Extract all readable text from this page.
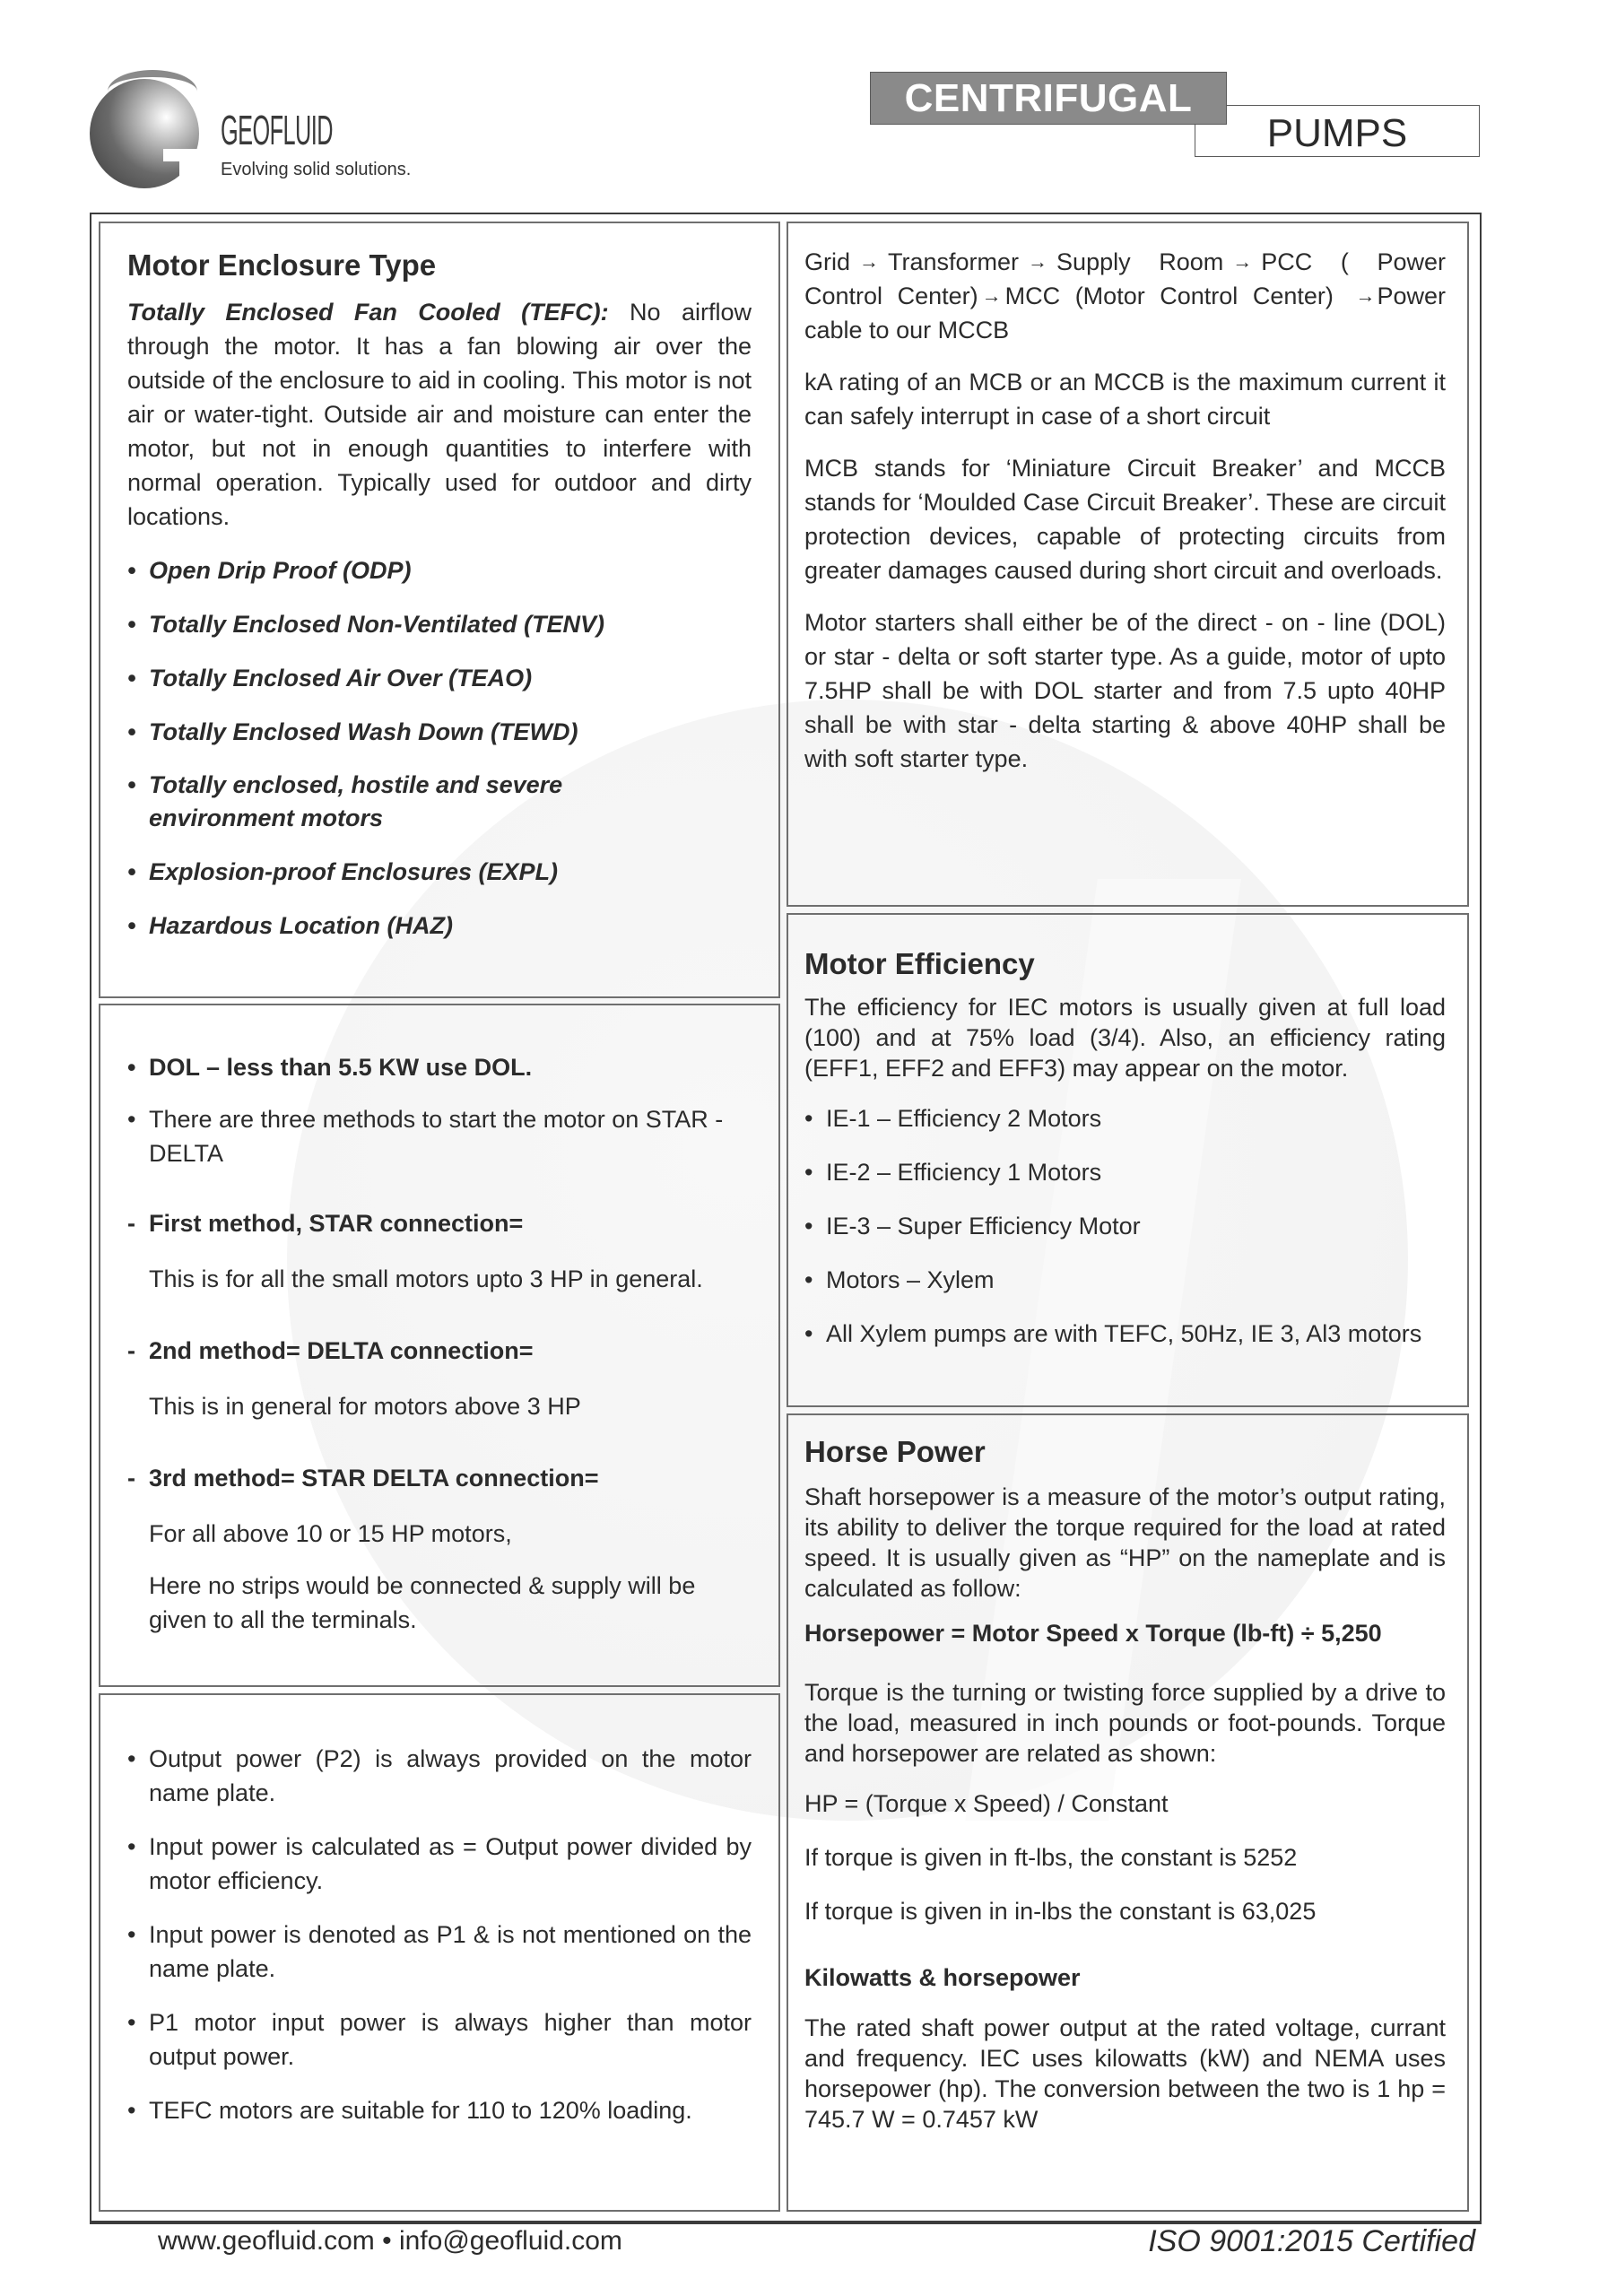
GEOFLUID
Evolving solid solutions.
CENTRIFUGAL
PUMPS
Motor Enclosure Type

Totally Enclosed Fan Cooled (TEFC): No airflow through the motor. It has a fan blowing air over the outside of the enclosure to aid in cooling. This motor is not air or water-tight. Outside air and moisture can enter the motor, but not in enough quantities to interfere with normal operation. Typically used for outdoor and dirty locations.

• Open Drip Proof (ODP)
• Totally Enclosed Non-Ventilated (TENV)
• Totally Enclosed Air Over (TEAO)
• Totally Enclosed Wash Down (TEWD)
• Totally enclosed, hostile and severe environment motors
• Explosion-proof Enclosures (EXPL)
• Hazardous Location (HAZ)
• DOL – less than 5.5 KW use DOL.
• There are three methods to start the motor on STAR - DELTA
- First method, STAR connection=
This is for all the small motors upto 3 HP in general.
- 2nd method= DELTA connection=
This is in general for motors above 3 HP
- 3rd method= STAR DELTA connection=
For all above 10 or 15 HP motors,
Here no strips would be connected & supply will be given to all the terminals.
• Output power (P2) is always provided on the motor name plate.
• Input power is calculated as = Output power divided by motor efficiency.
• Input power is denoted as P1 & is not mentioned on the name plate.
• P1 motor input power is always higher than motor output power.
• TEFC motors are suitable for 110 to 120% loading.

Grid → Transformer → Supply Room → PCC ( Power Control Center) → MCC (Motor Control Center) →Power cable to our MCCB

kA rating of an MCB or an MCCB is the maximum current it can safely interrupt in case of a short circuit

MCB stands for ‘Miniature Circuit Breaker’ and MCCB stands for ‘Moulded Case Circuit Breaker’. These are circuit protection devices, capable of protecting circuits from greater damages caused during short circuit and overloads.

Motor starters shall either be of the direct - on - line (DOL) or star - delta or soft starter type. As a guide, motor of upto 7.5HP shall be with DOL starter and from 7.5 upto 40HP shall be with star - delta starting & above 40HP shall be with soft starter type.

Motor Efficiency

The efficiency for IEC motors is usually given at full load (100) and at 75% load (3/4). Also, an efficiency rating (EFF1, EFF2 and EFF3) may appear on the motor.

• IE-1 – Efficiency 2 Motors
• IE-2 – Efficiency 1 Motors
• IE-3 – Super Efficiency Motor
• Motors – Xylem
• All Xylem pumps are with TEFC, 50Hz, IE 3, Al3 motors
Horse Power

Shaft horsepower is a measure of the motor’s output rating, its ability to deliver the torque required for the load at rated speed. It is usually given as “HP” on the nameplate and is calculated as follow:

Horsepower = Motor Speed x Torque (lb-ft) ÷ 5,250

Torque is the turning or twisting force supplied by a drive to the load, measured in inch pounds or foot-pounds. Torque and horsepower are related as shown:

HP = (Torque x Speed) / Constant

If torque is given in ft-lbs, the constant is 5252

If torque is given in in-lbs the constant is 63,025

Kilowatts & horsepower

The rated shaft power output at the rated voltage, currant and frequency. IEC uses kilowatts (kW) and NEMA uses horsepower (hp). The conversion between the two is 1 hp = 745.7 W = 0.7457 kW

www.geofluid.com • info@geofluid.com	ISO 9001:2015 Certified
